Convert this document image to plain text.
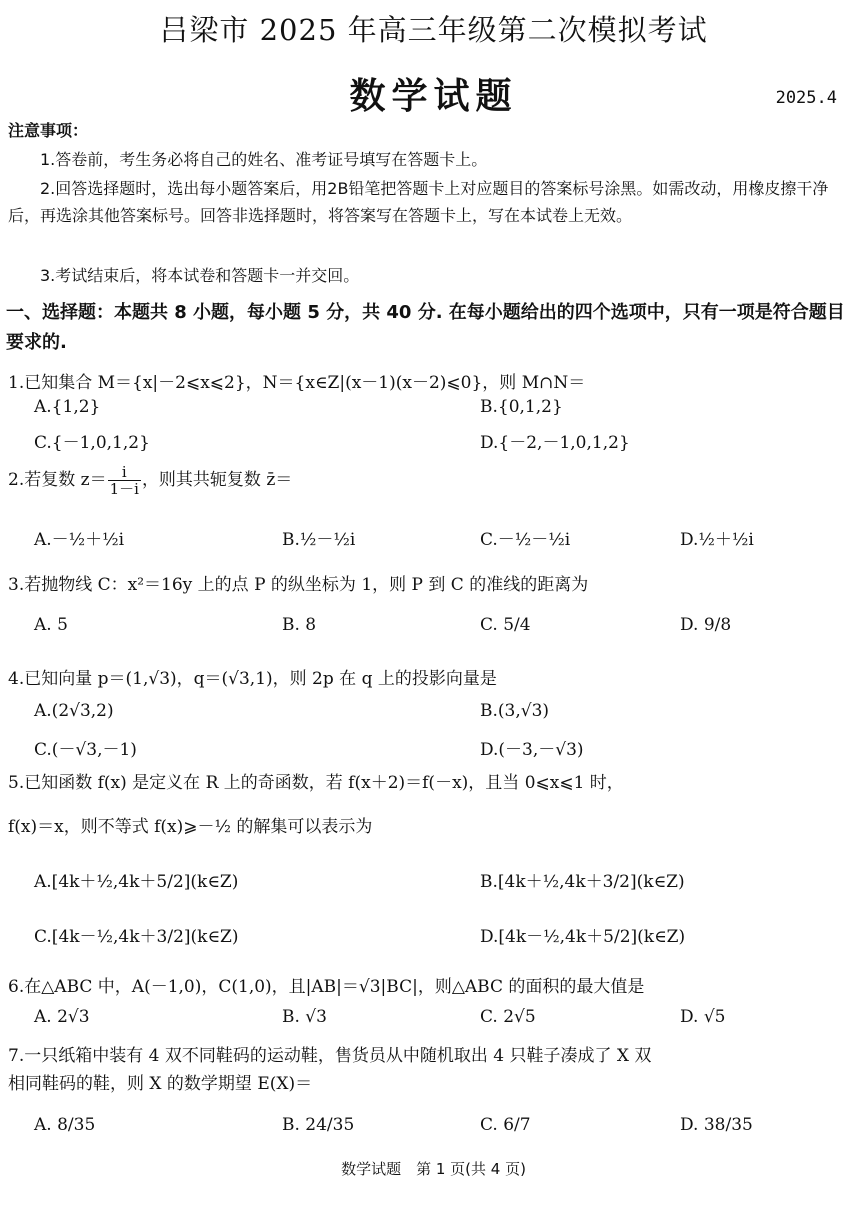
吕梁市 2025 年高三年级第二次模拟考试
数学试题	2025.4
注意事项：
1.答卷前，考生务必将自己的姓名、准考证号填写在答题卡上。
2.回答选择题时，选出每小题答案后，用2B铅笔把答题卡上对应题目的答案标号涂黑。如需改动，用橡皮擦干净后，再选涂其他答案标号。回答非选择题时，将答案写在答题卡上，写在本试卷上无效。
3.考试结束后，将本试卷和答题卡一并交回。
一、选择题：本题共 8 小题，每小题 5 分，共 40 分. 在每小题给出的四个选项中，只有一项是符合题目要求的.
1.已知集合 M＝{x|－2⩽x⩽2}，N＝{x∈Z|(x－1)(x－2)⩽0}，则 M∩N＝
A.{1,2}	B.{0,1,2}
C.{－1,0,1,2}	D.{－2,－1,0,1,2}
2.若复数 $z= \frac{i}{1-i}$ ，则其共轭复数 z̄＝
A.－½＋½i	B.½－½i	C.－½－½i	D.½＋½i
3.若抛物线 C：x²＝16y 上的点 P 的纵坐标为 1，则 P 到 C 的准线的距离为
A. 5	B. 8	C. 5/4	D. 9/8
4.已知向量 p＝(1,√3)，q＝(√3,1)，则 2p 在 q 上的投影向量是
A.(2√3,2)	B.(3,√3)
C.(－√3,－1)	D.(－3,－√3)
5.已知函数 f(x) 是定义在 R 上的奇函数，若 f(x＋2)＝f(－x)，且当 0⩽x⩽1 时，
f(x)＝x，则不等式 f(x)⩾－½ 的解集可以表示为
A.[4k＋½,4k＋5/2](k∈Z)	B.[4k＋½,4k＋3/2](k∈Z)
C.[4k－½,4k＋3/2](k∈Z)	D.[4k－½,4k＋5/2](k∈Z)
6.在△ABC 中，A(－1,0)，C(1,0)，且|AB|＝√3|BC|，则△ABC 的面积的最大值是
A. 2√3	B. √3	C. 2√5	D. √5
7.一只纸箱中装有 4 双不同鞋码的运动鞋，售货员从中随机取出 4 只鞋子凑成了 X 双
相同鞋码的鞋，则 X 的数学期望 E(X)＝
A. 8/35	B. 24/35	C. 6/7	D. 38/35
数学试题　第 1 页(共 4 页)
